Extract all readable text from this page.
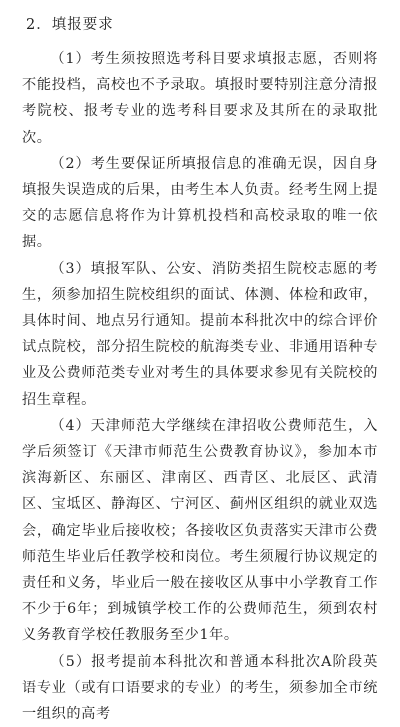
2．填报要求

（1）考生须按照选考科目要求填报志愿，否则将不能投档，高校也不予录取。填报时要特别注意分清报考院校、报考专业的选考科目要求及其所在的录取批次。

（2）考生要保证所填报信息的准确无误，因自身填报失误造成的后果，由考生本人负责。经考生网上提交的志愿信息将作为计算机投档和高校录取的唯一依据。

（3）填报军队、公安、消防类招生院校志愿的考生，须参加招生院校组织的面试、体测、体检和政审，具体时间、地点另行通知。提前本科批次中的综合评价试点院校，部分招生院校的航海类专业、非通用语种专业及公费师范类专业对考生的具体要求参见有关院校的招生章程。

（4）天津师范大学继续在津招收公费师范生，入学后须签订《天津市师范生公费教育协议》，参加本市滨海新区、东丽区、津南区、西青区、北辰区、武清区、宝坻区、静海区、宁河区、蓟州区组织的就业双选会，确定毕业后接收校；各接收区负责落实天津市公费师范生毕业后任教学校和岗位。考生须履行协议规定的责任和义务，毕业后一般在接收区从事中小学教育工作不少于6年；到城镇学校工作的公费师范生，须到农村义务教育学校任教服务至少1年。

（5）报考提前本科批次和普通本科批次A阶段英语专业（或有口语要求的专业）的考生，须参加全市统一组织的高考
